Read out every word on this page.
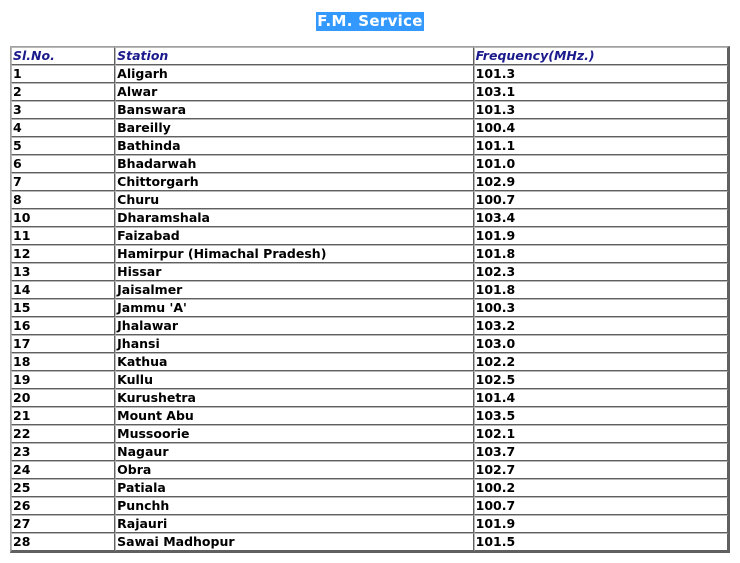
F.M. Service
Sl.No.	Station	Frequency(MHz.)
1	Aligarh	101.3
2	Alwar	103.1
3	Banswara	101.3
4	Bareilly	100.4
5	Bathinda	101.1
6	Bhadarwah	101.0
7	Chittorgarh	102.9
8	Churu	100.7
10	Dharamshala	103.4
11	Faizabad	101.9
12	Hamirpur (Himachal Pradesh)	101.8
13	Hissar	102.3
14	Jaisalmer	101.8
15	Jammu 'A'	100.3
16	Jhalawar	103.2
17	Jhansi	103.0
18	Kathua	102.2
19	Kullu	102.5
20	Kurushetra	101.4
21	Mount Abu	103.5
22	Mussoorie	102.1
23	Nagaur	103.7
24	Obra	102.7
25	Patiala	100.2
26	Punchh	100.7
27	Rajauri	101.9
28	Sawai Madhopur	101.5
